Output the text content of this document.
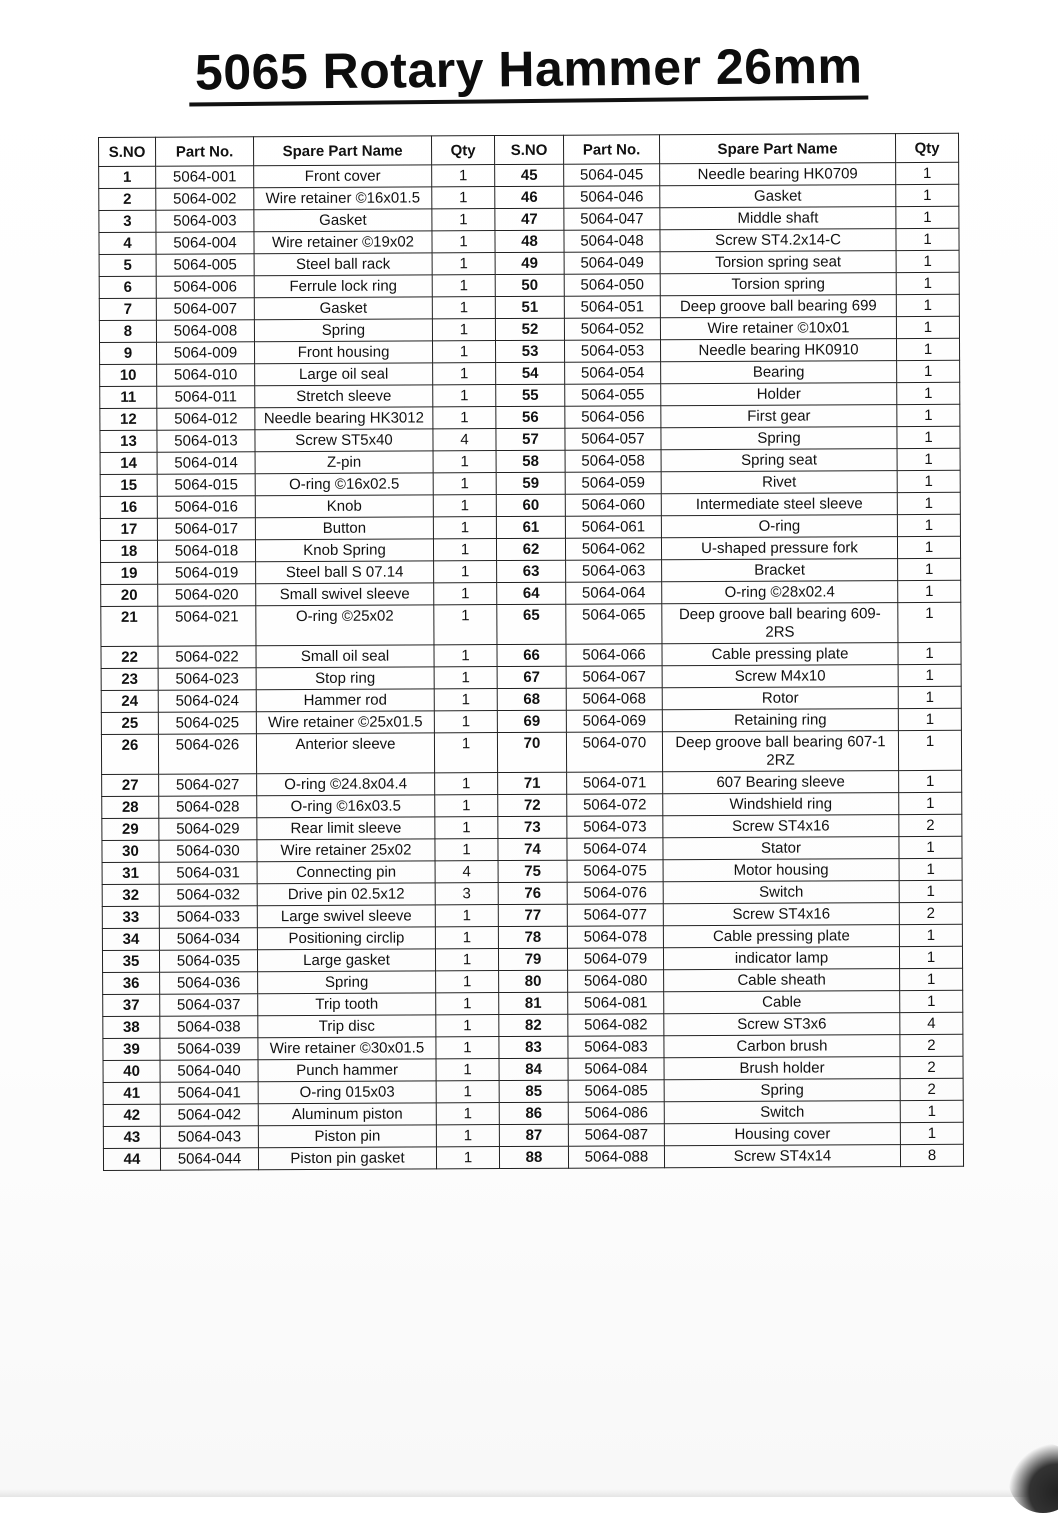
5065 Rotary Hammer 26mm
S.NO	Part No.	Spare Part Name	Qty	S.NO	Part No.	Spare Part Name	Qty
1	5064-001	Front cover	1	45	5064-045	Needle bearing HK0709	1
2	5064-002	Wire retainer ©16x01.5	1	46	5064-046	Gasket	1
3	5064-003	Gasket	1	47	5064-047	Middle shaft	1
4	5064-004	Wire retainer ©19x02	1	48	5064-048	Screw ST4.2x14-C	1
5	5064-005	Steel ball rack	1	49	5064-049	Torsion spring seat	1
6	5064-006	Ferrule lock ring	1	50	5064-050	Torsion spring	1
7	5064-007	Gasket	1	51	5064-051	Deep groove ball bearing 699	1
8	5064-008	Spring	1	52	5064-052	Wire retainer ©10x01	1
9	5064-009	Front housing	1	53	5064-053	Needle bearing HK0910	1
10	5064-010	Large oil seal	1	54	5064-054	Bearing	1
11	5064-011	Stretch sleeve	1	55	5064-055	Holder	1
12	5064-012	Needle bearing HK3012	1	56	5064-056	First gear	1
13	5064-013	Screw ST5x40	4	57	5064-057	Spring	1
14	5064-014	Z-pin	1	58	5064-058	Spring seat	1
15	5064-015	O-ring ©16x02.5	1	59	5064-059	Rivet	1
16	5064-016	Knob	1	60	5064-060	Intermediate steel sleeve	1
17	5064-017	Button	1	61	5064-061	O-ring	1
18	5064-018	Knob Spring	1	62	5064-062	U-shaped pressure fork	1
19	5064-019	Steel ball S 07.14	1	63	5064-063	Bracket	1
20	5064-020	Small swivel sleeve	1	64	5064-064	O-ring ©28x02.4	1
21	5064-021	O-ring ©25x02	1	65	5064-065	Deep groove ball bearing 609-2RS	1
22	5064-022	Small oil seal	1	66	5064-066	Cable pressing plate	1
23	5064-023	Stop ring	1	67	5064-067	Screw M4x10	1
24	5064-024	Hammer rod	1	68	5064-068	Rotor	1
25	5064-025	Wire retainer ©25x01.5	1	69	5064-069	Retaining ring	1
26	5064-026	Anterior sleeve	1	70	5064-070	Deep groove ball bearing 607-1 2RZ	1
27	5064-027	O-ring ©24.8x04.4	1	71	5064-071	607 Bearing sleeve	1
28	5064-028	O-ring ©16x03.5	1	72	5064-072	Windshield ring	1
29	5064-029	Rear limit sleeve	1	73	5064-073	Screw ST4x16	2
30	5064-030	Wire retainer 25x02	1	74	5064-074	Stator	1
31	5064-031	Connecting pin	4	75	5064-075	Motor housing	1
32	5064-032	Drive pin 02.5x12	3	76	5064-076	Switch	1
33	5064-033	Large swivel sleeve	1	77	5064-077	Screw ST4x16	2
34	5064-034	Positioning circlip	1	78	5064-078	Cable pressing plate	1
35	5064-035	Large gasket	1	79	5064-079	indicator lamp	1
36	5064-036	Spring	1	80	5064-080	Cable sheath	1
37	5064-037	Trip tooth	1	81	5064-081	Cable	1
38	5064-038	Trip disc	1	82	5064-082	Screw ST3x6	4
39	5064-039	Wire retainer ©30x01.5	1	83	5064-083	Carbon brush	2
40	5064-040	Punch hammer	1	84	5064-084	Brush holder	2
41	5064-041	O-ring 015x03	1	85	5064-085	Spring	2
42	5064-042	Aluminum piston	1	86	5064-086	Switch	1
43	5064-043	Piston pin	1	87	5064-087	Housing cover	1
44	5064-044	Piston pin gasket	1	88	5064-088	Screw ST4x14	8
